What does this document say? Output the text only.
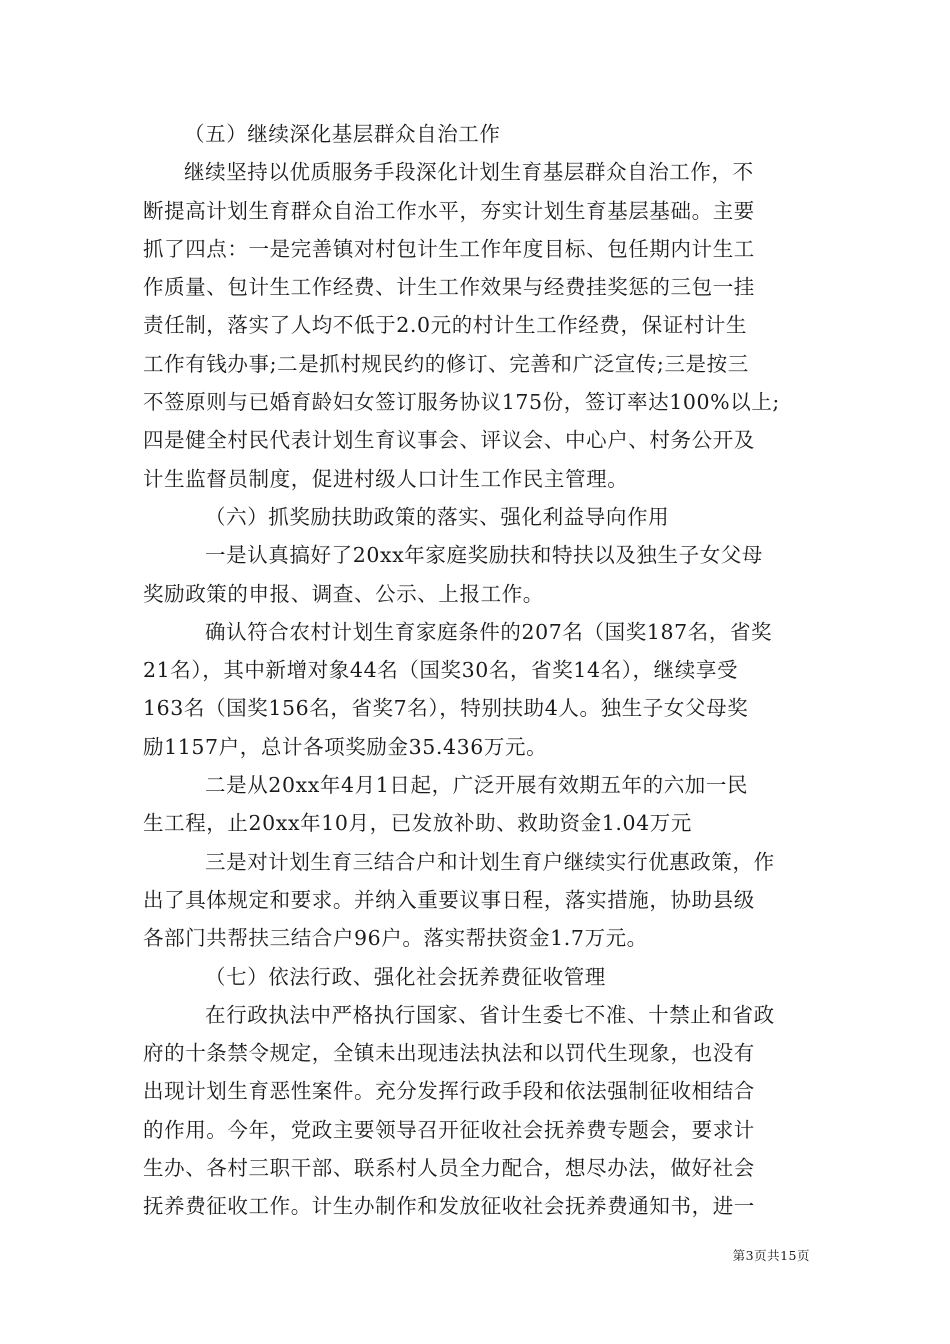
（五）继续深化基层群众自治工作
继续坚持以优质服务手段深化计划生育基层群众自治工作，不
断提高计划生育群众自治工作水平，夯实计划生育基层基础。主要
抓了四点：一是完善镇对村包计生工作年度目标、包任期内计生工
作质量、包计生工作经费、计生工作效果与经费挂奖惩的三包一挂
责任制，落实了人均不低于2.0元的村计生工作经费，保证村计生
工作有钱办事;二是抓村规民约的修订、完善和广泛宣传;三是按三
不签原则与已婚育龄妇女签订服务协议175份，签订率达100%以上;
四是健全村民代表计划生育议事会、评议会、中心户、村务公开及
计生监督员制度，促进村级人口计生工作民主管理。
（六）抓奖励扶助政策的落实、强化利益导向作用
一是认真搞好了20xx年家庭奖励扶和特扶以及独生子女父母
奖励政策的申报、调查、公示、上报工作。
确认符合农村计划生育家庭条件的207名（国奖187名，省奖
21名），其中新增对象44名（国奖30名，省奖14名），继续享受
163名（国奖156名，省奖7名），特别扶助4人。独生子女父母奖
励1157户，总计各项奖励金35.436万元。
二是从20xx年4月1日起，广泛开展有效期五年的六加一民
生工程，止20xx年10月，已发放补助、救助资金1.04万元
三是对计划生育三结合户和计划生育户继续实行优惠政策，作
出了具体规定和要求。并纳入重要议事日程，落实措施，协助县级
各部门共帮扶三结合户96户。落实帮扶资金1.7万元。
（七）依法行政、强化社会抚养费征收管理
在行政执法中严格执行国家、省计生委七不准、十禁止和省政
府的十条禁令规定，全镇未出现违法执法和以罚代生现象，也没有
出现计划生育恶性案件。充分发挥行政手段和依法强制征收相结合
的作用。今年，党政主要领导召开征收社会抚养费专题会，要求计
生办、各村三职干部、联系村人员全力配合，想尽办法，做好社会
抚养费征收工作。计生办制作和发放征收社会抚养费通知书，进一
第3页共15页
